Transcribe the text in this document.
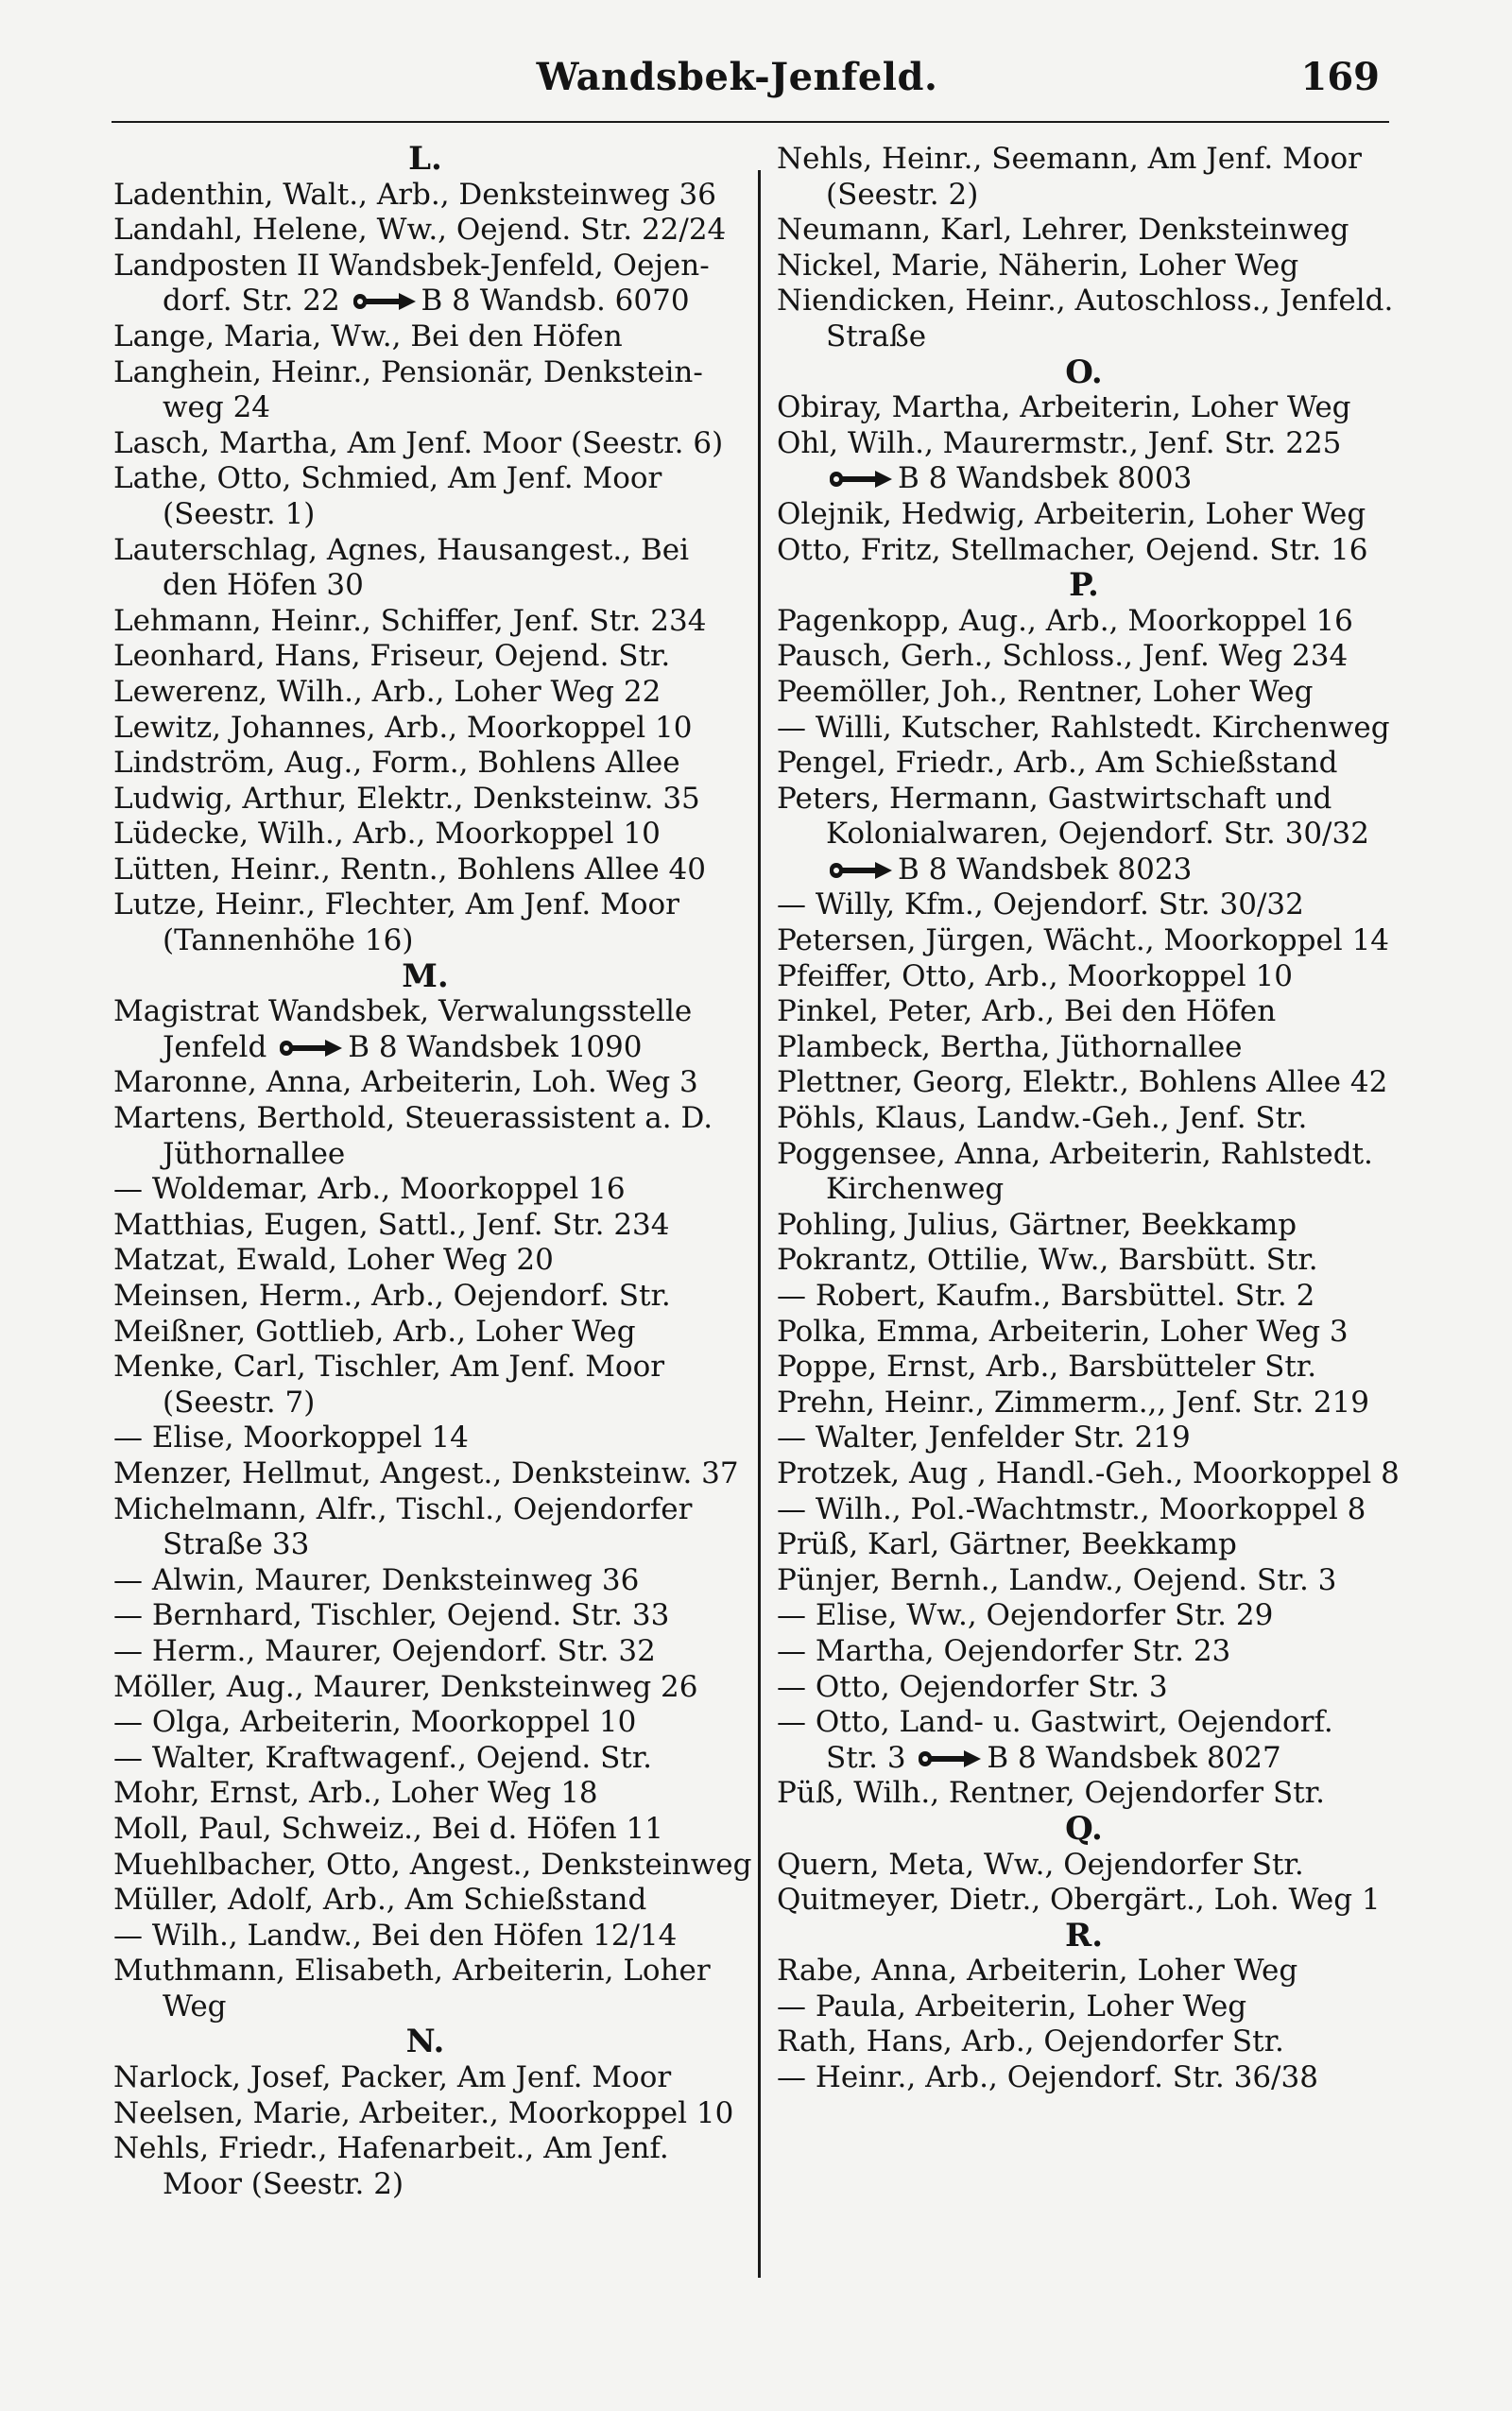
Wandsbek-Jenfeld.	169
L.
Ladenthin, Walt., Arb., Denksteinweg 36
Landahl, Helene, Ww., Oejend. Str. 22/24
Landposten II Wandsbek-Jenfeld, Oejen-
dorf. Str. 22	B 8 Wandsb. 6070
Lange, Maria, Ww., Bei den Höfen
Langhein, Heinr., Pensionär, Denkstein-
weg 24
Lasch, Martha, Am Jenf. Moor (Seestr. 6)
Lathe, Otto, Schmied, Am Jenf. Moor
(Seestr. 1)
Lauterschlag, Agnes, Hausangest., Bei
den Höfen 30
Lehmann, Heinr., Schiffer, Jenf. Str. 234
Leonhard, Hans, Friseur, Oejend. Str.
Lewerenz, Wilh., Arb., Loher Weg 22
Lewitz, Johannes, Arb., Moorkoppel 10
Lindström, Aug., Form., Bohlens Allee
Ludwig, Arthur, Elektr., Denksteinw. 35
Lüdecke, Wilh., Arb., Moorkoppel 10
Lütten, Heinr., Rentn., Bohlens Allee 40
Lutze, Heinr., Flechter, Am Jenf. Moor
(Tannenhöhe 16)
M.
Magistrat Wandsbek, Verwalungsstelle
Jenfeld	B 8 Wandsbek 1090
Maronne, Anna, Arbeiterin, Loh. Weg 3
Martens, Berthold, Steuerassistent a. D.
Jüthornallee
— Woldemar, Arb., Moorkoppel 16
Matthias, Eugen, Sattl., Jenf. Str. 234
Matzat, Ewald, Loher Weg 20
Meinsen, Herm., Arb., Oejendorf. Str.
Meißner, Gottlieb, Arb., Loher Weg
Menke, Carl, Tischler, Am Jenf. Moor
(Seestr. 7)
— Elise, Moorkoppel 14
Menzer, Hellmut, Angest., Denksteinw. 37
Michelmann, Alfr., Tischl., Oejendorfer
Straße 33
— Alwin, Maurer, Denksteinweg 36
— Bernhard, Tischler, Oejend. Str. 33
— Herm., Maurer, Oejendorf. Str. 32
Möller, Aug., Maurer, Denksteinweg 26
— Olga, Arbeiterin, Moorkoppel 10
— Walter, Kraftwagenf., Oejend. Str.
Mohr, Ernst, Arb., Loher Weg 18
Moll, Paul, Schweiz., Bei d. Höfen 11
Muehlbacher, Otto, Angest., Denksteinweg
Müller, Adolf, Arb., Am Schießstand
— Wilh., Landw., Bei den Höfen 12/14
Muthmann, Elisabeth, Arbeiterin, Loher
Weg
N.
Narlock, Josef, Packer, Am Jenf. Moor
Neelsen, Marie, Arbeiter., Moorkoppel 10
Nehls, Friedr., Hafenarbeit., Am Jenf.
Moor (Seestr. 2)
Nehls, Heinr., Seemann, Am Jenf. Moor
(Seestr. 2)
Neumann, Karl, Lehrer, Denksteinweg
Nickel, Marie, Näherin, Loher Weg
Niendicken, Heinr., Autoschloss., Jenfeld.
Straße
O.
Obiray, Martha, Arbeiterin, Loher Weg
Ohl, Wilh., Maurermstr., Jenf. Str. 225
B 8 Wandsbek 8003
Olejnik, Hedwig, Arbeiterin, Loher Weg
Otto, Fritz, Stellmacher, Oejend. Str. 16
P.
Pagenkopp, Aug., Arb., Moorkoppel 16
Pausch, Gerh., Schloss., Jenf. Weg 234
Peemöller, Joh., Rentner, Loher Weg
— Willi, Kutscher, Rahlstedt. Kirchenweg
Pengel, Friedr., Arb., Am Schießstand
Peters, Hermann, Gastwirtschaft und
Kolonialwaren, Oejendorf. Str. 30/32
B 8 Wandsbek 8023
— Willy, Kfm., Oejendorf. Str. 30/32
Petersen, Jürgen, Wächt., Moorkoppel 14
Pfeiffer, Otto, Arb., Moorkoppel 10
Pinkel, Peter, Arb., Bei den Höfen
Plambeck, Bertha, Jüthornallee
Plettner, Georg, Elektr., Bohlens Allee 42
Pöhls, Klaus, Landw.-Geh., Jenf. Str.
Poggensee, Anna, Arbeiterin, Rahlstedt.
Kirchenweg
Pohling, Julius, Gärtner, Beekkamp
Pokrantz, Ottilie, Ww., Barsbütt. Str.
— Robert, Kaufm., Barsbüttel. Str. 2
Polka, Emma, Arbeiterin, Loher Weg 3
Poppe, Ernst, Arb., Barsbütteler Str.
Prehn, Heinr., Zimmerm.,, Jenf. Str. 219
— Walter, Jenfelder Str. 219
Protzek, Aug , Handl.-Geh., Moorkoppel 8
— Wilh., Pol.-Wachtmstr., Moorkoppel 8
Prüß, Karl, Gärtner, Beekkamp
Pünjer, Bernh., Landw., Oejend. Str. 3
— Elise, Ww., Oejendorfer Str. 29
— Martha, Oejendorfer Str. 23
— Otto, Oejendorfer Str. 3
— Otto, Land- u. Gastwirt, Oejendorf.
Str. 3	B 8 Wandsbek 8027
Püß, Wilh., Rentner, Oejendorfer Str.
Q.
Quern, Meta, Ww., Oejendorfer Str.
Quitmeyer, Dietr., Obergärt., Loh. Weg 1
R.
Rabe, Anna, Arbeiterin, Loher Weg
— Paula, Arbeiterin, Loher Weg
Rath, Hans, Arb., Oejendorfer Str.
— Heinr., Arb., Oejendorf. Str. 36/38
